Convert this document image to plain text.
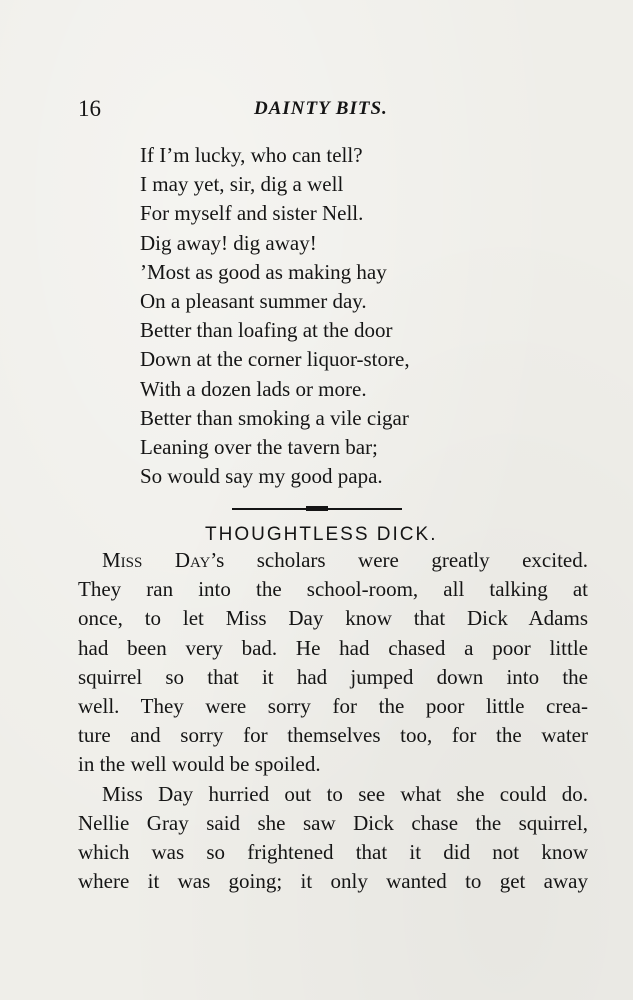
16	DAINTY BITS.
If I’m lucky, who can tell?
I may yet, sir, dig a well
For myself and sister Nell.
Dig away! dig away!
’Most as good as making hay
On a pleasant summer day.
Better than loafing at the door
Down at the corner liquor-store,
With a dozen lads or more.
Better than smoking a vile cigar
Leaning over the tavern bar;
So would say my good papa.
THOUGHTLESS DICK.
Miss Day’s scholars were greatly excited.
They ran into the school-room, all talking at
once, to let Miss Day know that Dick Adams
had been very bad. He had chased a poor little
squirrel so that it had jumped down into the
well. They were sorry for the poor little crea-
ture and sorry for themselves too, for the water
in the well would be spoiled.
Miss Day hurried out to see what she could do.
Nellie Gray said she saw Dick chase the squirrel,
which was so frightened that it did not know
where it was going; it only wanted to get away
